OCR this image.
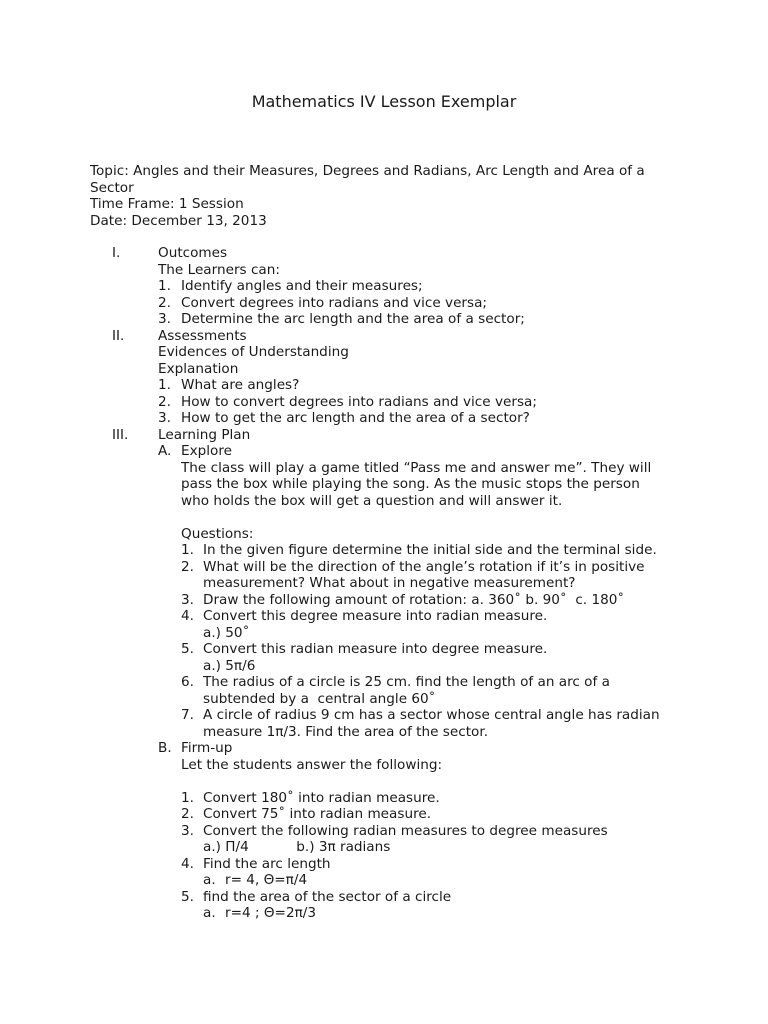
Mathematics IV Lesson Exemplar
Topic: Angles and their Measures, Degrees and Radians, Arc Length and Area of a Sector
Time Frame: 1 Session
Date: December 13, 2013

I.

	Outcomes

The Learners can:

1.

Identify angles and their measures;

2.

Convert degrees into radians and vice versa;

3.

Determine the arc length and the area of a sector;

II.

Assessments

Evidences of Understanding

Explanation

1.

What are angles?

2.

How to convert degrees into radians and vice versa;

3.

How to get the arc length and the area of a sector?

III.

Learning Plan

A.

Explore

The class will play a game titled “Pass me and answer me”. They will

pass the box while playing the song. As the music stops the person

who holds the box will get a question and will answer it.

Questions:

1.

In the given figure determine the initial side and the terminal side.

2.

What will be the direction of the angle’s rotation if it’s in positive

measurement? What about in negative measurement?

3.

Draw the following amount of rotation: a. 360˚ b. 90˚  c. 180˚

4.

Convert this degree measure into radian measure.

a.) 50˚

5.

Convert this radian measure into degree measure.

a.) 5π/6

6.

The radius of a circle is 25 cm. find the length of an arc of a

subtended by a  central angle 60˚

7.

A circle of radius 9 cm has a sector whose central angle has radian

measure 1π/3. Find the area of the sector.

B.

Firm-up

Let the students answer the following:

1.

Convert 180˚ into radian measure.

2.

Convert 75˚ into radian measure.

3.

Convert the following radian measures to degree measures

a.) Π/4           b.) 3π radians

4.

Find the arc length

a.

r= 4, Θ=π/4

5.

find the area of the sector of a circle

a.

r=4 ; Θ=2π/3
